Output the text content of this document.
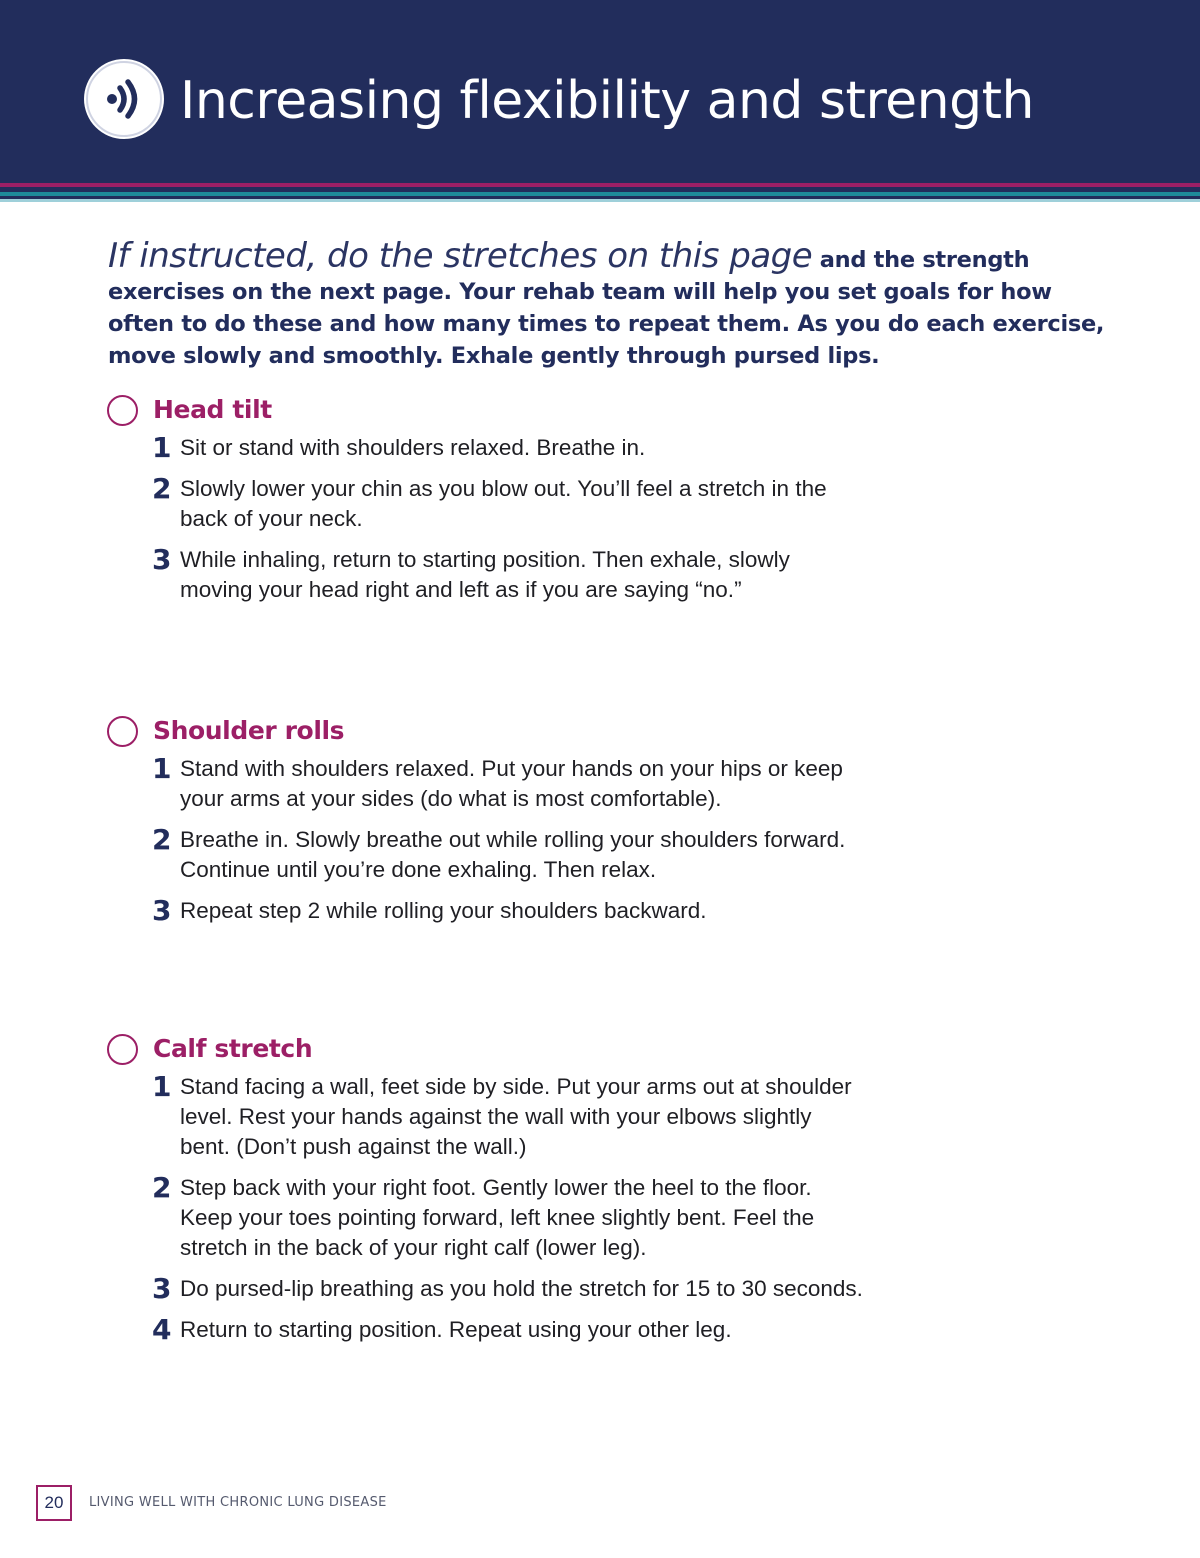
Increasing flexibility and strength
If instructed, do the stretches on this page and the strength exercises on the next page. Your rehab team will help you set goals for how often to do these and how many times to repeat them. As you do each exercise, move slowly and smoothly. Exhale gently through pursed lips.
Head tilt
1 Sit or stand with shoulders relaxed. Breathe in.
2 Slowly lower your chin as you blow out. You’ll feel a stretch in the back of your neck.
3 While inhaling, return to starting position. Then exhale, slowly moving your head right and left as if you are saying “no.”
Shoulder rolls
1 Stand with shoulders relaxed. Put your hands on your hips or keep your arms at your sides (do what is most comfortable).
2 Breathe in. Slowly breathe out while rolling your shoulders forward. Continue until you’re done exhaling. Then relax.
3 Repeat step 2 while rolling your shoulders backward.
Calf stretch
1 Stand facing a wall, feet side by side. Put your arms out at shoulder level. Rest your hands against the wall with your elbows slightly bent. (Don’t push against the wall.)
2 Step back with your right foot. Gently lower the heel to the floor. Keep your toes pointing forward, left knee slightly bent. Feel the stretch in the back of your right calf (lower leg).
3 Do pursed-lip breathing as you hold the stretch for 15 to 30 seconds.
4 Return to starting position. Repeat using your other leg.
20	LIVING WELL WITH CHRONIC LUNG DISEASE
